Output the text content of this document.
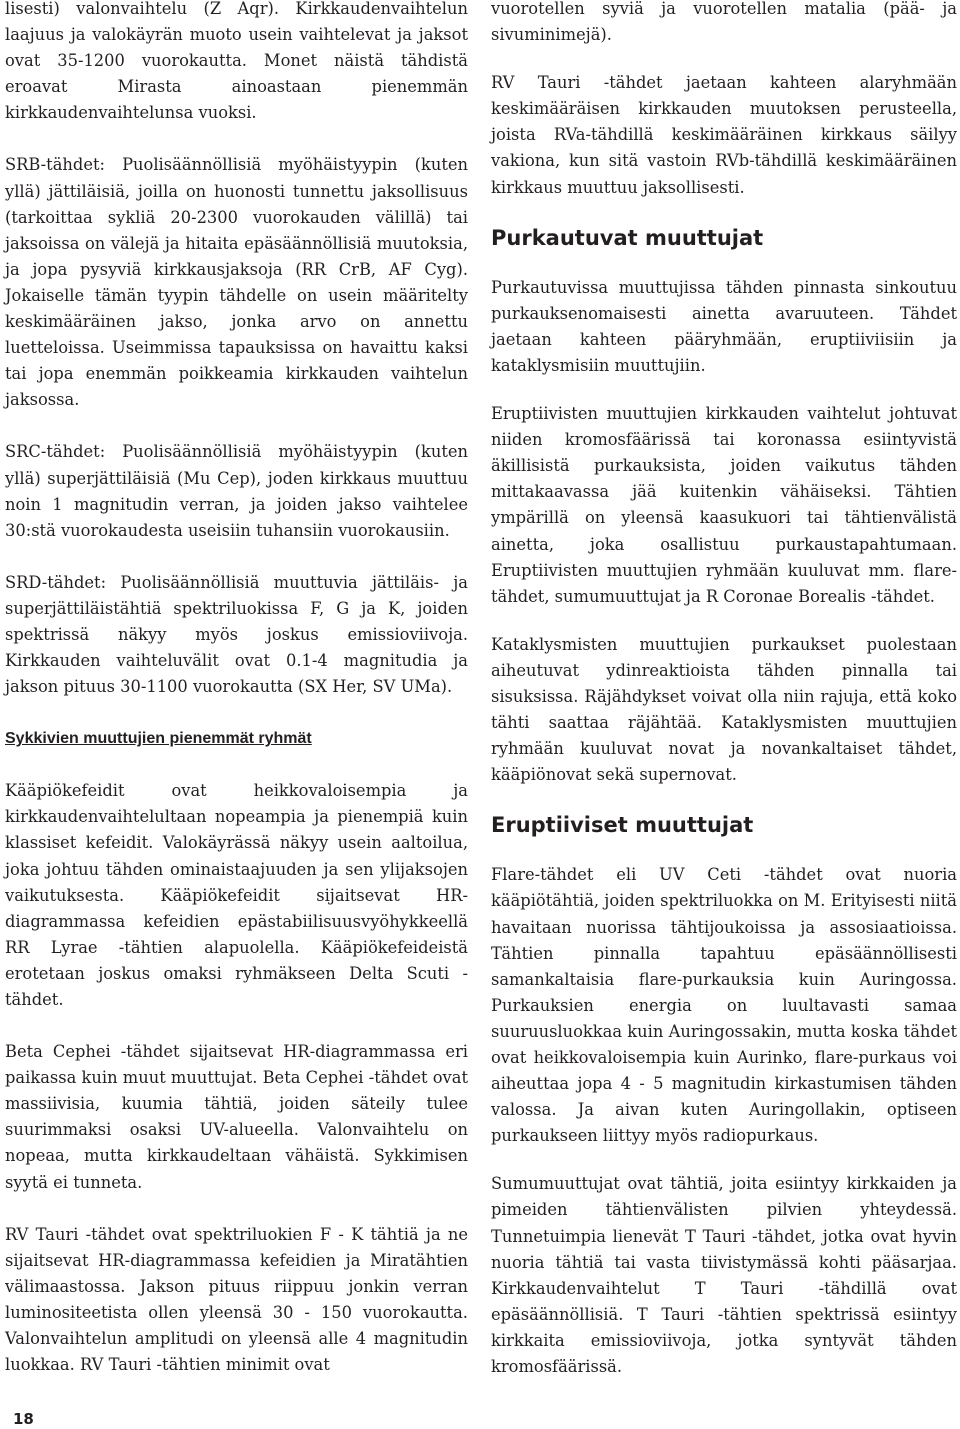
lisesti) valonvaihtelu (Z Aqr). Kirkkaudenvaihtelun laajuus ja valokäyrän muoto usein vaihtelevat ja jaksot ovat 35-1200 vuorokautta. Monet näistä tähdistä eroavat Mirasta ainoastaan pienemmän kirkkaudenvaihtelunsa vuoksi.

SRB-tähdet: Puolisäännöllisiä myöhäistyypin (kuten yllä) jättiläisiä, joilla on huonosti tunnettu jaksollisuus (tarkoittaa sykliä 20-2300 vuorokauden välillä) tai jaksoissa on välejä ja hitaita epäsäännöllisiä muutoksia, ja jopa pysyviä kirkkausjaksoja (RR CrB, AF Cyg). Jokaiselle tämän tyypin tähdelle on usein määritelty keskimääräinen jakso, jonka arvo on annettu luetteloissa. Useimmissa tapauksissa on havaittu kaksi tai jopa enemmän poikkeamia kirkkauden vaihtelun jaksossa.

SRC-tähdet: Puolisäännöllisiä myöhäistyypin (kuten yllä) superjättiläisiä (Mu Cep), joden kirkkaus muuttuu noin 1 magnitudin verran, ja joiden jakso vaihtelee 30:stä vuorokaudesta useisiin tuhansiin vuorokausiin.

SRD-tähdet: Puolisäännöllisiä muuttuvia jättiläis- ja superjättiläistähtiä spektriluokissa F, G ja K, joiden spektrissä näkyy myös joskus emissioviivoja. Kirkkauden vaihteluvälit ovat 0.1-4 magnitudia ja jakson pituus 30-1100 vuorokautta (SX Her, SV UMa).

Sykkivien muuttujien pienemmät ryhmät

Kääpiökefeidit ovat heikkovaloisempia ja kirkkaudenvaihtelultaan nopeampia ja pienempiä kuin klassiset kefeidit. Valokäyrässä näkyy usein aaltoilua, joka johtuu tähden ominaistaajuuden ja sen ylijaksojen vaikutuksesta. Kääpiökefeidit sijaitsevat HR-diagrammassa kefeidien epästabiilisuusvyöhykkeellä RR Lyrae -tähtien alapuolella. Kääpiökefeideistä erotetaan joskus omaksi ryhmäkseen Delta Scuti -tähdet.

Beta Cephei -tähdet sijaitsevat HR-diagrammassa eri paikassa kuin muut muuttujat. Beta Cephei -tähdet ovat massiivisia, kuumia tähtiä, joiden säteily tulee suurimmaksi osaksi UV-alueella. Valonvaihtelu on nopeaa, mutta kirkkaudeltaan vähäistä. Sykkimisen syytä ei tunneta.

RV Tauri -tähdet ovat spektriluokien F - K tähtiä ja ne sijaitsevat HR-diagrammassa kefeidien ja Miratähtien välimaastossa. Jakson pituus riippuu jonkin verran luminositeetista ollen yleensä 30 - 150 vuorokautta. Valonvaihtelun amplitudi on yleensä alle 4 magnitudin luokkaa. RV Tauri -tähtien minimit ovat

vuorotellen syviä ja vuorotellen matalia (pää- ja sivuminimejä).

RV Tauri -tähdet jaetaan kahteen alaryhmään keskimääräisen kirkkauden muutoksen perusteella, joista RVa-tähdillä keskimääräinen kirkkaus säilyy vakiona, kun sitä vastoin RVb-tähdillä keskimääräinen kirkkaus muuttuu jaksollisesti.

Purkautuvat muuttujat

Purkautuvissa muuttujissa tähden pinnasta sinkoutuu purkauksenomaisesti ainetta avaruuteen. Tähdet jaetaan kahteen pääryhmään, eruptiiviisiin ja kataklysmisiin muuttujiin.

Eruptiivisten muuttujien kirkkauden vaihtelut johtuvat niiden kromosfäärissä tai koronassa esiintyvistä äkillisistä purkauksista, joiden vaikutus tähden mittakaavassa jää kuitenkin vähäiseksi. Tähtien ympärillä on yleensä kaasukuori tai tähtienvälistä ainetta, joka osallistuu purkaustapahtumaan. Eruptiivisten muuttujien ryhmään kuuluvat mm. flare-tähdet, sumumuuttujat ja R Coronae Borealis -tähdet.

Kataklysmisten muuttujien purkaukset puolestaan aiheutuvat ydinreaktioista tähden pinnalla tai sisuksissa. Räjähdykset voivat olla niin rajuja, että koko tähti saattaa räjähtää. Kataklysmisten muuttujien ryhmään kuuluvat novat ja novankaltaiset tähdet, kääpiönovat sekä supernovat.

Eruptiiviset muuttujat

Flare-tähdet eli UV Ceti -tähdet ovat nuoria kääpiötähtiä, joiden spektriluokka on M. Erityisesti niitä havaitaan nuorissa tähtijoukoissa ja assosiaatioissa. Tähtien pinnalla tapahtuu epäsäännöllisesti samankaltaisia flare-purkauksia kuin Auringossa. Purkauksien energia on luultavasti samaa suuruusluokkaa kuin Auringossakin, mutta koska tähdet ovat heikkovaloisempia kuin Aurinko, flare-purkaus voi aiheuttaa jopa 4 - 5 magnitudin kirkastumisen tähden valossa. Ja aivan kuten Auringollakin, optiseen purkaukseen liittyy myös radiopurkaus.

Sumumuuttujat ovat tähtiä, joita esiintyy kirkkaiden ja pimeiden tähtienvälisten pilvien yhteydessä. Tunnetuimpia lienevät T Tauri -tähdet, jotka ovat hyvin nuoria tähtiä tai vasta tiivistymässä kohti pääsarjaa. Kirkkaudenvaihtelut T Tauri -tähdillä ovat epäsäännöllisiä. T Tauri -tähtien spektrissä esiintyy kirkkaita emissioviivoja, jotka syntyvät tähden kromosfäärissä.

18
